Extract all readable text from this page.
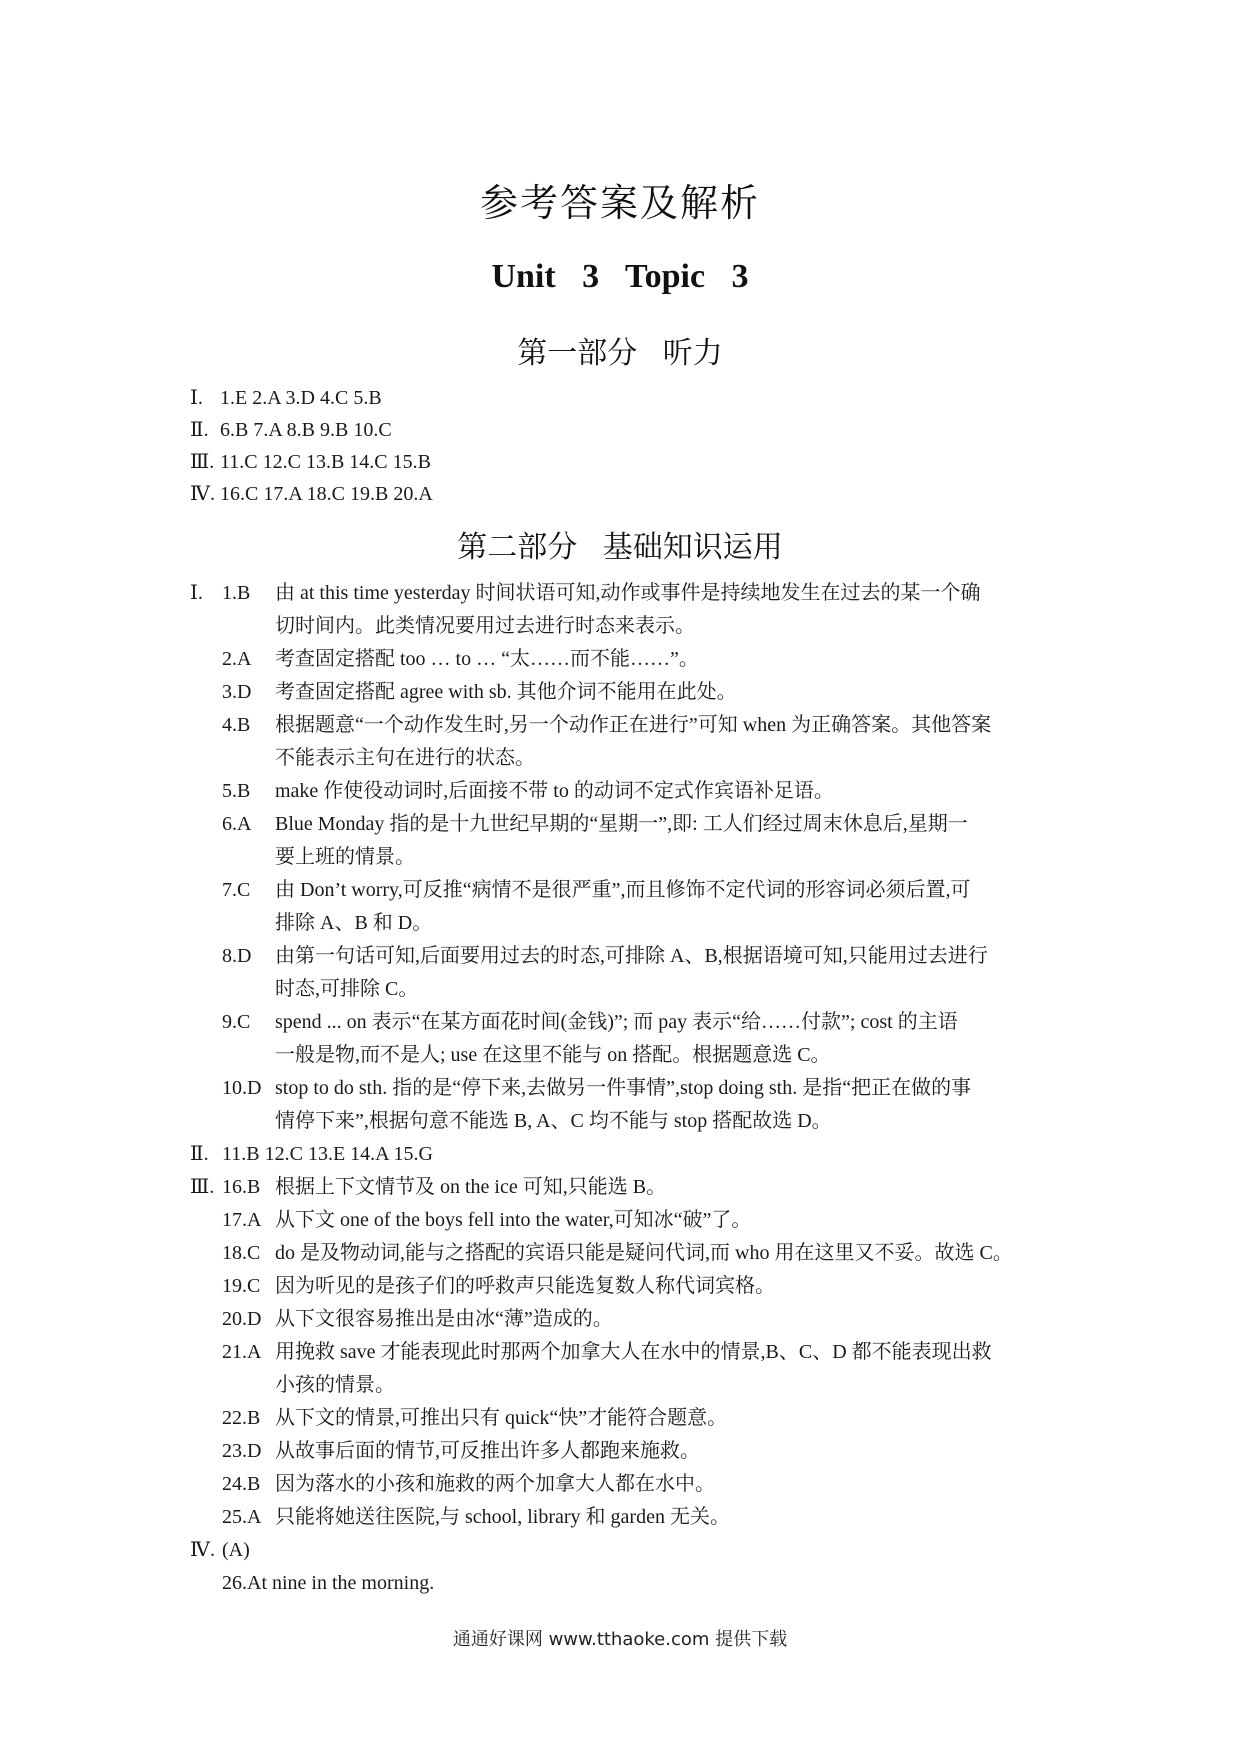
参考答案及解析
Unit 3 Topic 3
第一部分 听力
Ⅰ. 1.E 2.A 3.D 4.C 5.B
Ⅱ. 6.B 7.A 8.B 9.B 10.C
Ⅲ. 11.C 12.C 13.B 14.C 15.B
Ⅳ. 16.C 17.A 18.C 19.B 20.A
第二部分 基础知识运用
Ⅰ. 1.B 由 at this time yesterday 时间状语可知,动作或事件是持续地发生在过去的某一个确
切时间内。此类情况要用过去进行时态来表示。
2.A 考查固定搭配 too … to … “太……而不能……”。
3.D 考查固定搭配 agree with sb. 其他介词不能用在此处。
4.B 根据题意“一个动作发生时,另一个动作正在进行”可知 when 为正确答案。其他答案
不能表示主句在进行的状态。
5.B make 作使役动词时,后面接不带 to 的动词不定式作宾语补足语。
6.A Blue Monday 指的是十九世纪早期的“星期一”,即: 工人们经过周末休息后,星期一
要上班的情景。
7.C 由 Don’t worry,可反推“病情不是很严重”,而且修饰不定代词的形容词必须后置,可
排除 A、B 和 D。
8.D 由第一句话可知,后面要用过去的时态,可排除 A、B,根据语境可知,只能用过去进行
时态,可排除 C。
9.C spend ... on 表示“在某方面花时间(金钱)”; 而 pay 表示“给……付款”; cost 的主语
一般是物,而不是人; use 在这里不能与 on 搭配。根据题意选 C。
10.D stop to do sth. 指的是“停下来,去做另一件事情”,stop doing sth. 是指“把正在做的事
情停下来”,根据句意不能选 B, A、C 均不能与 stop 搭配故选 D。
Ⅱ. 11.B 12.C 13.E 14.A 15.G
Ⅲ. 16.B 根据上下文情节及 on the ice 可知,只能选 B。
17.A 从下文 one of the boys fell into the water,可知冰“破”了。
18.C do 是及物动词,能与之搭配的宾语只能是疑问代词,而 who 用在这里又不妥。故选 C。
19.C 因为听见的是孩子们的呼救声只能选复数人称代词宾格。
20.D 从下文很容易推出是由冰“薄”造成的。
21.A 用挽救 save 才能表现此时那两个加拿大人在水中的情景,B、C、D 都不能表现出救
小孩的情景。
22.B 从下文的情景,可推出只有 quick“快”才能符合题意。
23.D 从故事后面的情节,可反推出许多人都跑来施救。
24.B 因为落水的小孩和施救的两个加拿大人都在水中。
25.A 只能将她送往医院,与 school, library 和 garden 无关。
Ⅳ. (A)
26.At nine in the morning.
通通好课网 www.tthaoke.com 提供下载
